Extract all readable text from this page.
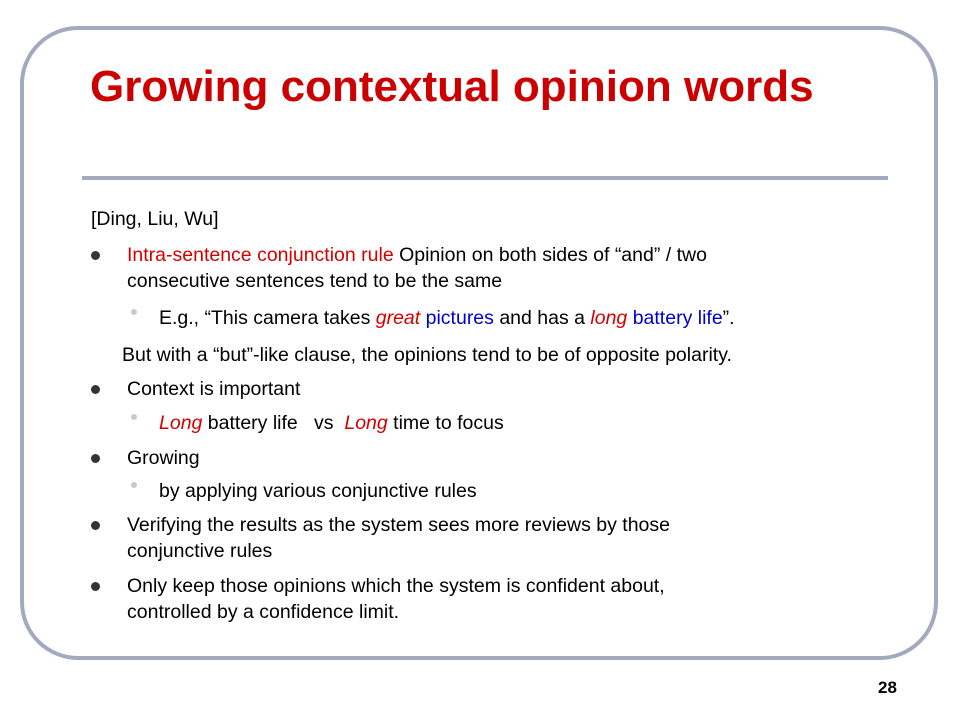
Growing contextual opinion words
[Ding, Liu, Wu]
Intra-sentence conjunction rule Opinion on both sides of “and” / two
consecutive sentences tend to be the same
E.g., “This camera takes great pictures and has a long battery life”.
But with a “but”-like clause, the opinions tend to be of opposite polarity.
Context is important
Long battery life   vs  Long time to focus
Growing
by applying various conjunctive rules
Verifying the results as the system sees more reviews by those
conjunctive rules
Only keep those opinions which the system is confident about,
controlled by a confidence limit.
28
